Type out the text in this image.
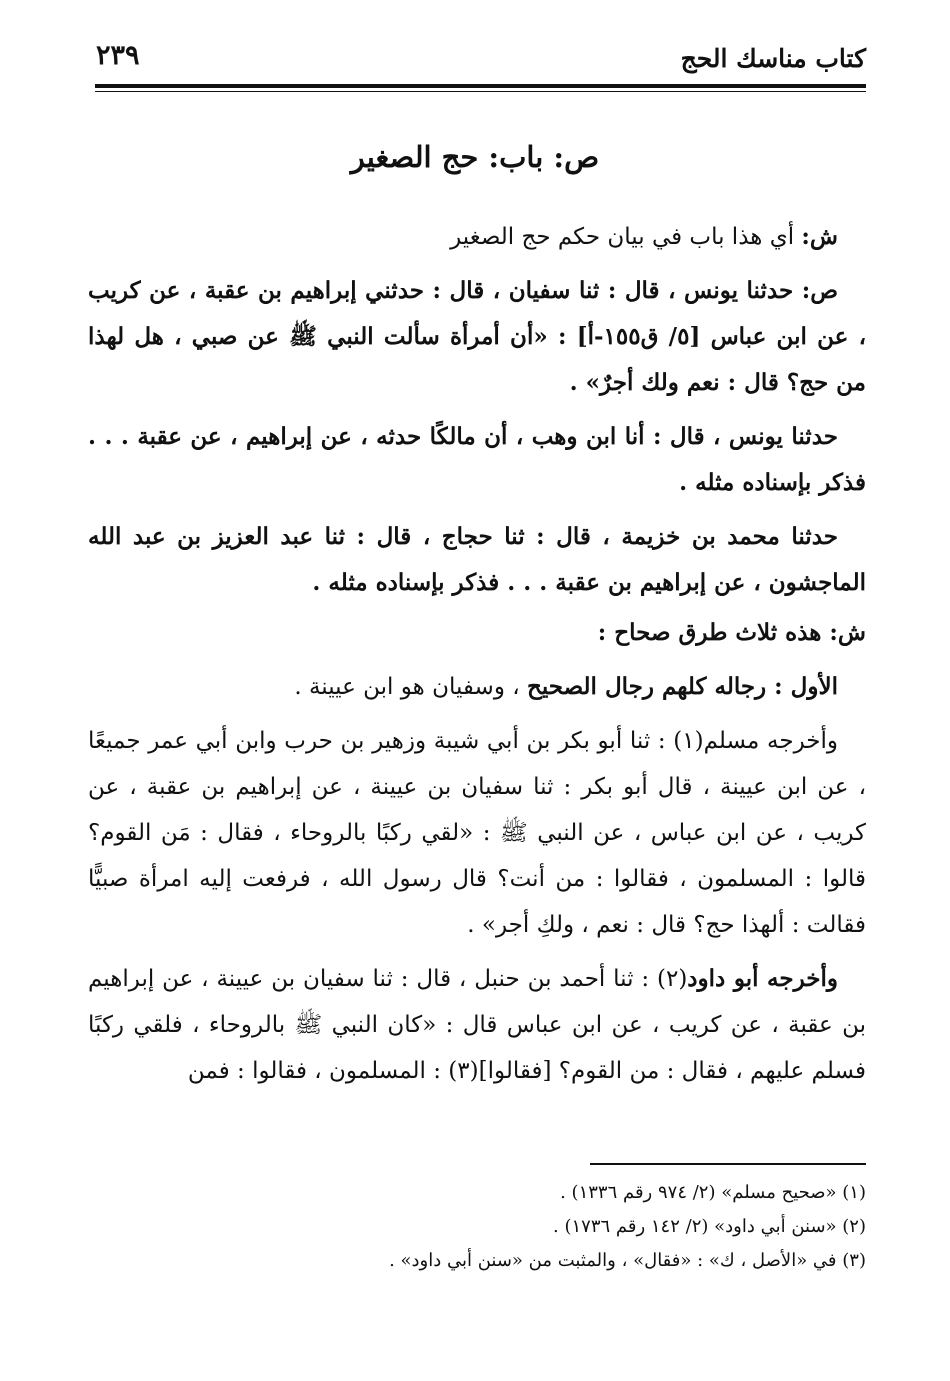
كتاب مناسك الحج
٢٣٩
ص: باب: حج الصغير

ش: أي هذا باب في بيان حكم حج الصغير

ص: حدثنا يونس ، قال : ثنا سفيان ، قال : حدثني إبراهيم بن عقبة ، عن كريب ، عن ابن عباس [٥/ ق١٥٥-أ] : «أن أمرأة سألت النبي ﷺ عن صبي ، هل لهذا من حج؟ قال : نعم ولك أجرٌ» .

حدثنا يونس ، قال : أنا ابن وهب ، أن مالكًا حدثه ، عن إبراهيم ، عن عقبة . . . فذكر بإسناده مثله .

حدثنا محمد بن خزيمة ، قال : ثنا حجاج ، قال : ثنا عبد العزيز بن عبد الله الماجشون ، عن إبراهيم بن عقبة . . . فذكر بإسناده مثله .

ش: هذه ثلاث طرق صحاح :

الأول : رجاله كلهم رجال الصحيح ، وسفيان هو ابن عيينة .

وأخرجه مسلم(١) : ثنا أبو بكر بن أبي شيبة وزهير بن حرب وابن أبي عمر جميعًا ، عن ابن عيينة ، قال أبو بكر : ثنا سفيان بن عيينة ، عن إبراهيم بن عقبة ، عن كريب ، عن ابن عباس ، عن النبي ﷺ : «لقي ركبًا بالروحاء ، فقال : مَن القوم؟ قالوا : المسلمون ، فقالوا : من أنت؟ قال رسول الله ، فرفعت إليه امرأة صبيًّا فقالت : ألهذا حج؟ قال : نعم ، ولكِ أجر» .

وأخرجه أبو داود(٢) : ثنا أحمد بن حنبل ، قال : ثنا سفيان بن عيينة ، عن إبراهيم بن عقبة ، عن كريب ، عن ابن عباس قال : «كان النبي ﷺ بالروحاء ، فلقي ركبًا فسلم عليهم ، فقال : من القوم؟ [فقالوا](٣) : المسلمون ، فقالوا : فمن

(١) «صحيح مسلم» (٢/ ٩٧٤ رقم ١٣٣٦) .
(٢) «سنن أبي داود» (٢/ ١٤٢ رقم ١٧٣٦) .
(٣) في «الأصل ، ك» : «فقال» ، والمثبت من «سنن أبي داود» .
